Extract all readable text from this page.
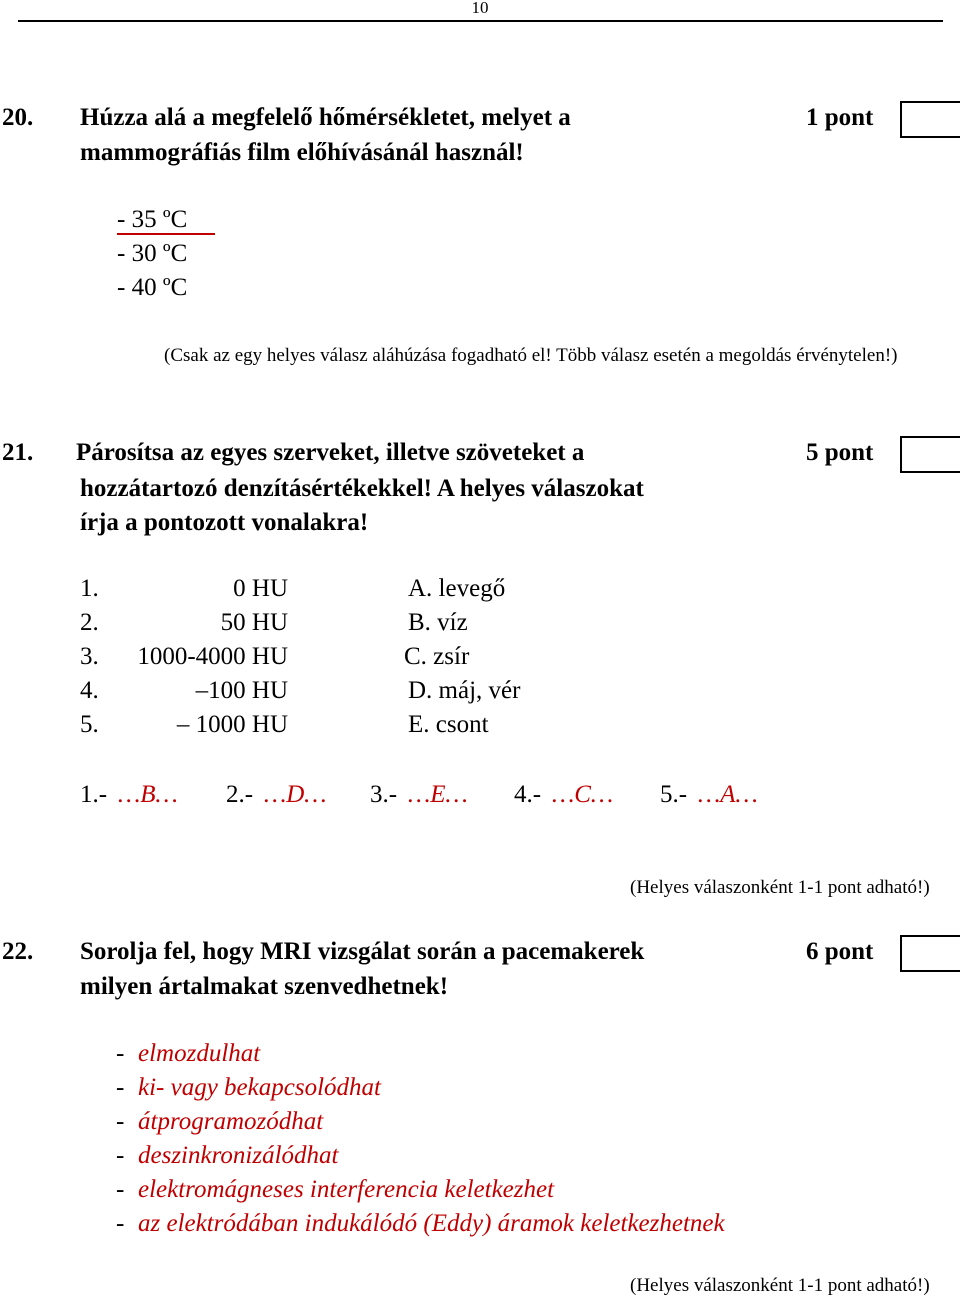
10
20. Húzza alá a megfelelő hőmérsékletet, melyet a
mammográfiás film előhívásánál használ!
1 pont
- 35 ºC
- 30 ºC
- 40 ºC
(Csak az egy helyes válasz aláhúzása fogadható el! Több válasz esetén a megoldás érvénytelen!)
21. Párosítsa az egyes szerveket, illetve szöveteket a
hozzátartozó denzításértékekkel! A helyes válaszokat
írja a pontozott vonalakra!
5 pont
1.
2.
3.
4.
5.
0 HU
50 HU
1000-4000 HU
–100 HU
– 1000 HU
A. levegő
B. víz
C. zsír
D. máj, vér
E. csont
1.- …B… 2.- …D… 3.- …E… 4.- …C… 5.- …A…
(Helyes válaszonként 1-1 pont adható!)
22. Sorolja fel, hogy MRI vizsgálat során a pacemakerek
milyen ártalmakat szenvedhetnek!
6 pont
- elmozdulhat
- ki- vagy bekapcsolódhat
- átprogramozódhat
- deszinkronizálódhat
- elektromágneses interferencia keletkezhet
- az elektródában indukálódó (Eddy) áramok keletkezhetnek
(Helyes válaszonként 1-1 pont adható!)
